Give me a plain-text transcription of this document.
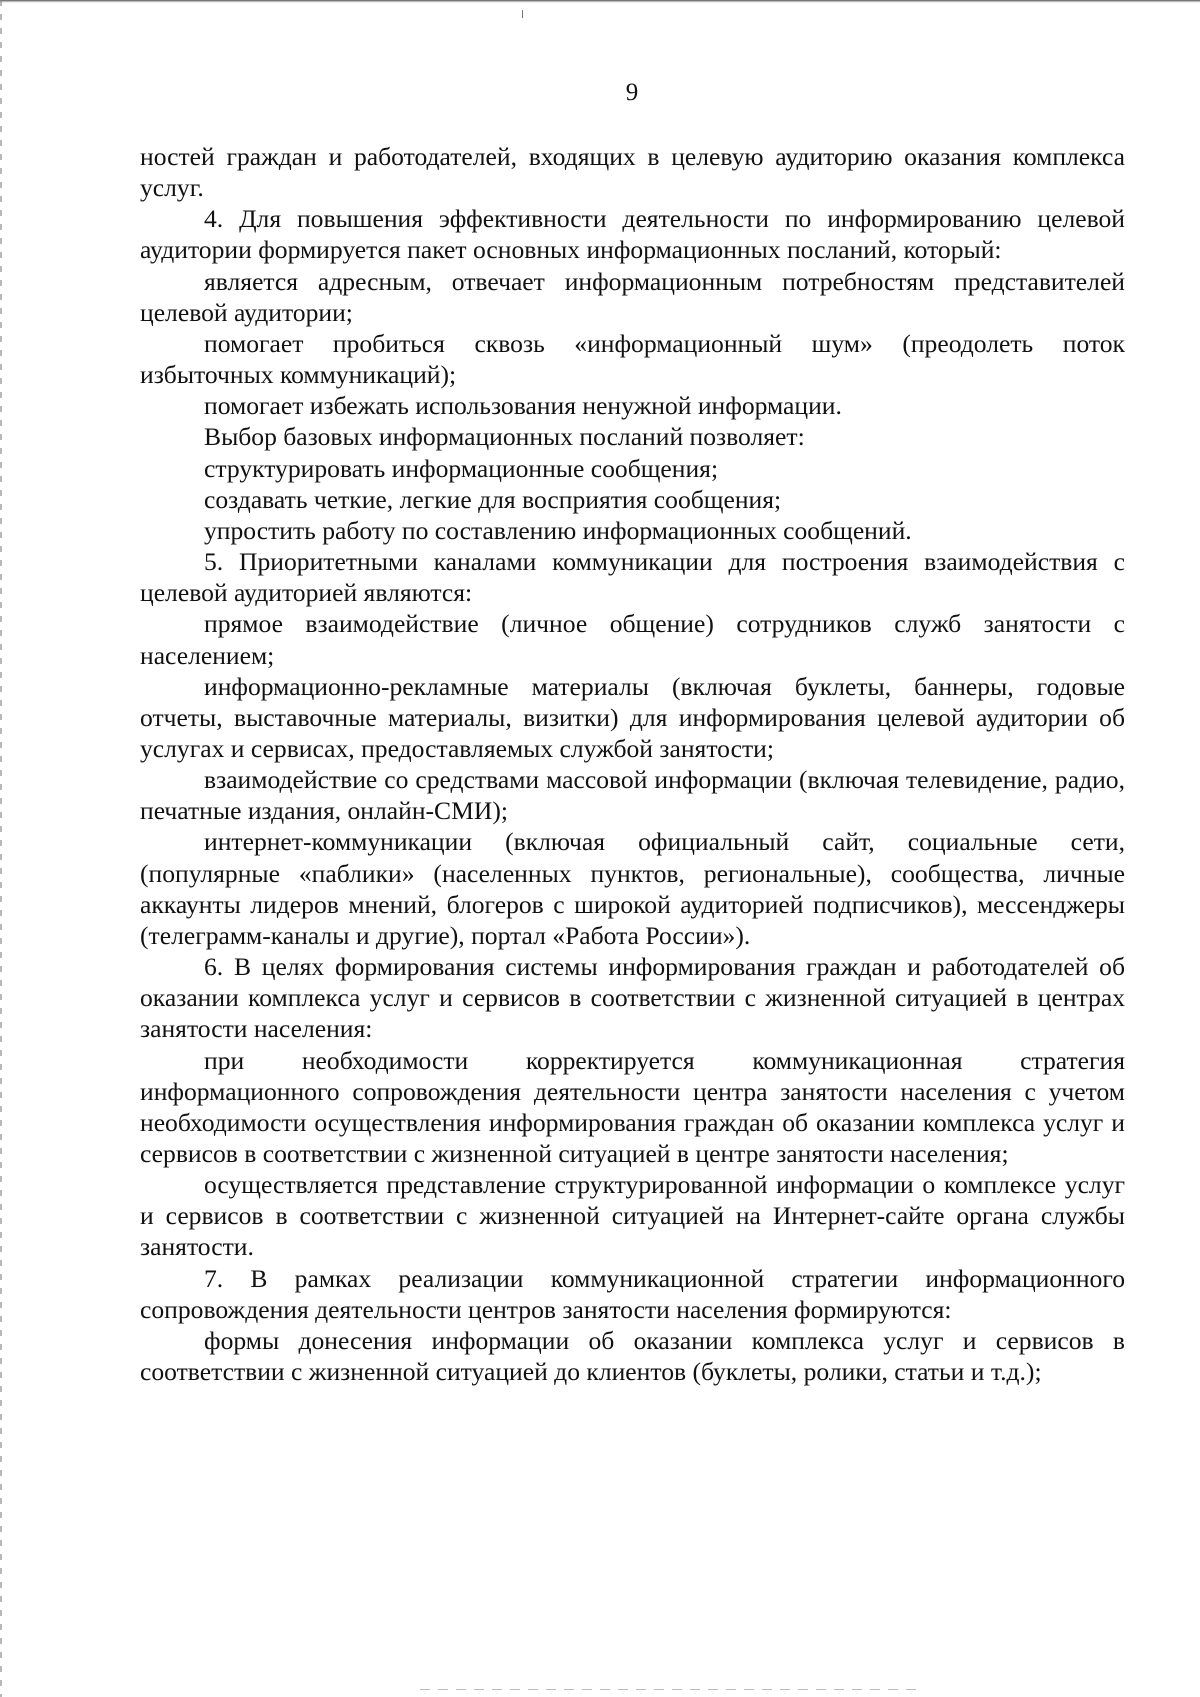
9

ностей граждан и работодателей, входящих в целевую аудиторию оказания комплекса услуг.

4. Для повышения эффективности деятельности по информированию целевой аудитории формируется пакет основных информационных посланий, который:

является адресным, отвечает информационным потребностям представителей целевой аудитории;

помогает пробиться сквозь «информационный шум» (преодолеть поток избыточных коммуникаций);

помогает избежать использования ненужной информации.

Выбор базовых информационных посланий позволяет:

структурировать информационные сообщения;

создавать четкие, легкие для восприятия сообщения;

упростить работу по составлению информационных сообщений.

5. Приоритетными каналами коммуникации для построения взаимодействия с целевой аудиторией являются:

прямое взаимодействие (личное общение) сотрудников служб занятости с населением;

информационно-рекламные материалы (включая буклеты, баннеры, годовые отчеты, выставочные материалы, визитки) для информирования целевой аудитории об услугах и сервисах, предоставляемых службой занятости;

взаимодействие со средствами массовой информации (включая телевидение, радио, печатные издания, онлайн-СМИ);

интернет-коммуникации (включая официальный сайт, социальные сети, (популярные «паблики» (населенных пунктов, региональные), сообщества, личные аккаунты лидеров мнений, блогеров с широкой аудиторией подписчиков), мессенджеры (телеграмм-каналы и другие), портал «Работа России»).

6. В целях формирования системы информирования граждан и работодателей об оказании комплекса услуг и сервисов в соответствии с жизненной ситуацией в центрах занятости населения:

при необходимости корректируется коммуникационная стратегия информационного сопровождения деятельности центра занятости населения с учетом необходимости осуществления информирования граждан об оказании комплекса услуг и сервисов в соответствии с жизненной ситуацией в центре занятости населения;

осуществляется представление структурированной информации о комплексе услуг и сервисов в соответствии с жизненной ситуацией на Интернет-сайте органа службы занятости.

7. В рамках реализации коммуникационной стратегии информационного сопровождения деятельности центров занятости населения формируются:

формы донесения информации об оказании комплекса услуг и сервисов в соответствии с жизненной ситуацией до клиентов (буклеты, ролики, статьи и т.д.);
